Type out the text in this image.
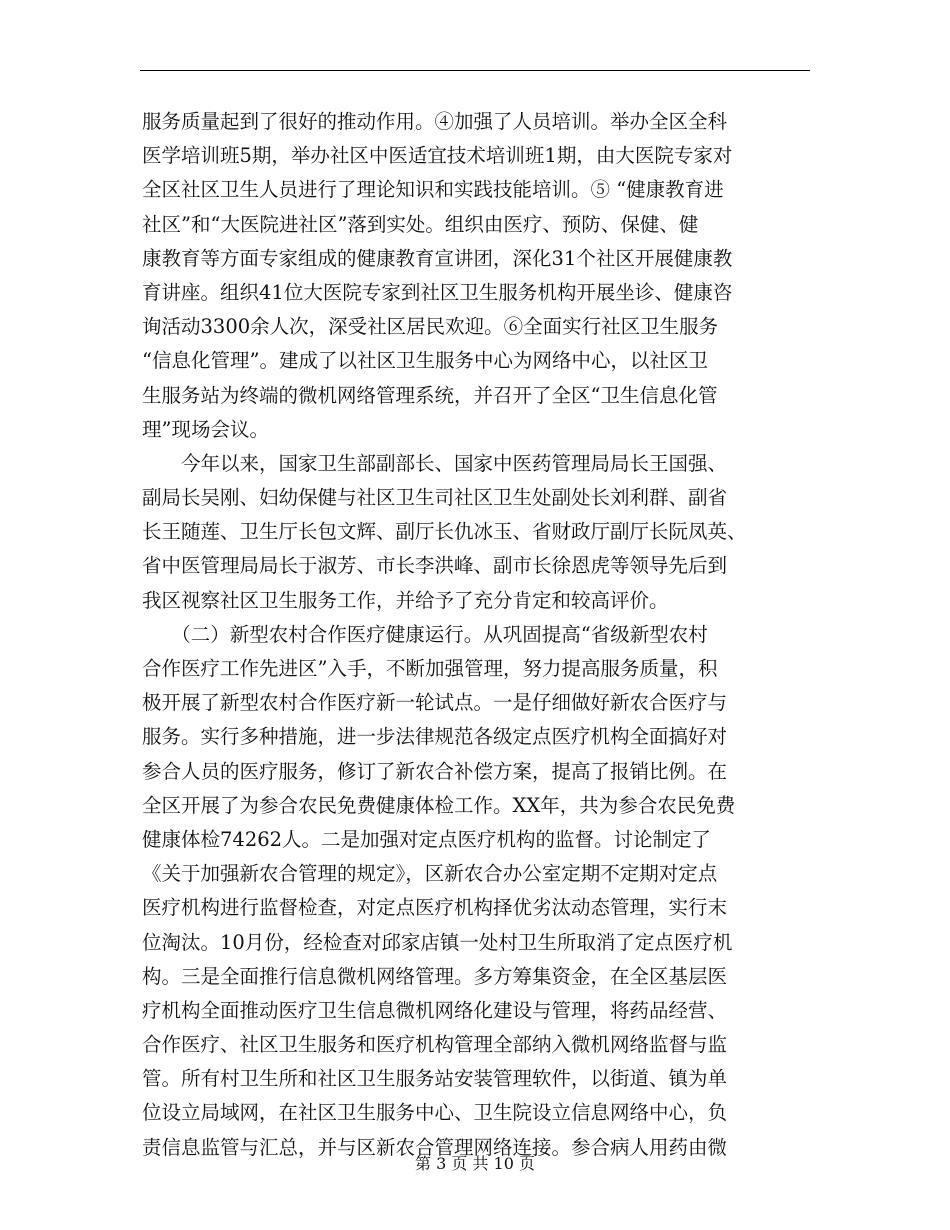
服务质量起到了很好的推动作用。④加强了人员培训。举办全区全科
医学培训班5期，举办社区中医适宜技术培训班1期，由大医院专家对
全区社区卫生人员进行了理论知识和实践技能培训。⑤ “健康教育进
社区”和“大医院进社区”落到实处。组织由医疗、预防、保健、健
康教育等方面专家组成的健康教育宣讲团，深化31个社区开展健康教
育讲座。组织41位大医院专家到社区卫生服务机构开展坐诊、健康咨
询活动3300余人次，深受社区居民欢迎。⑥全面实行社区卫生服务
“信息化管理”。建成了以社区卫生服务中心为网络中心，以社区卫
生服务站为终端的微机网络管理系统，并召开了全区“卫生信息化管
理”现场会议。
　　今年以来，国家卫生部副部长、国家中医药管理局局长王国强、
副局长吴刚、妇幼保健与社区卫生司社区卫生处副处长刘利群、副省
长王随莲、卫生厅长包文辉、副厅长仇冰玉、省财政厅副厅长阮凤英、
省中医管理局局长于淑芳、市长李洪峰、副市长徐恩虎等领导先后到
我区视察社区卫生服务工作，并给予了充分肯定和较高评价。
　　（二）新型农村合作医疗健康运行。从巩固提高“省级新型农村
合作医疗工作先进区”入手，不断加强管理，努力提高服务质量，积
极开展了新型农村合作医疗新一轮试点。一是仔细做好新农合医疗与
服务。实行多种措施，进一步法律规范各级定点医疗机构全面搞好对
参合人员的医疗服务，修订了新农合补偿方案，提高了报销比例。在
全区开展了为参合农民免费健康体检工作。XX年，共为参合农民免费
健康体检74262人。二是加强对定点医疗机构的监督。讨论制定了
《关于加强新农合管理的规定》，区新农合办公室定期不定期对定点
医疗机构进行监督检查，对定点医疗机构择优劣汰动态管理，实行末
位淘汰。10月份，经检查对邱家店镇一处村卫生所取消了定点医疗机
构。三是全面推行信息微机网络管理。多方筹集资金，在全区基层医
疗机构全面推动医疗卫生信息微机网络化建设与管理，将药品经营、
合作医疗、社区卫生服务和医疗机构管理全部纳入微机网络监督与监
管。所有村卫生所和社区卫生服务站安装管理软件，以街道、镇为单
位设立局域网，在社区卫生服务中心、卫生院设立信息网络中心，负
责信息监管与汇总，并与区新农合管理网络连接。参合病人用药由微
第 3 页 共 10 页
